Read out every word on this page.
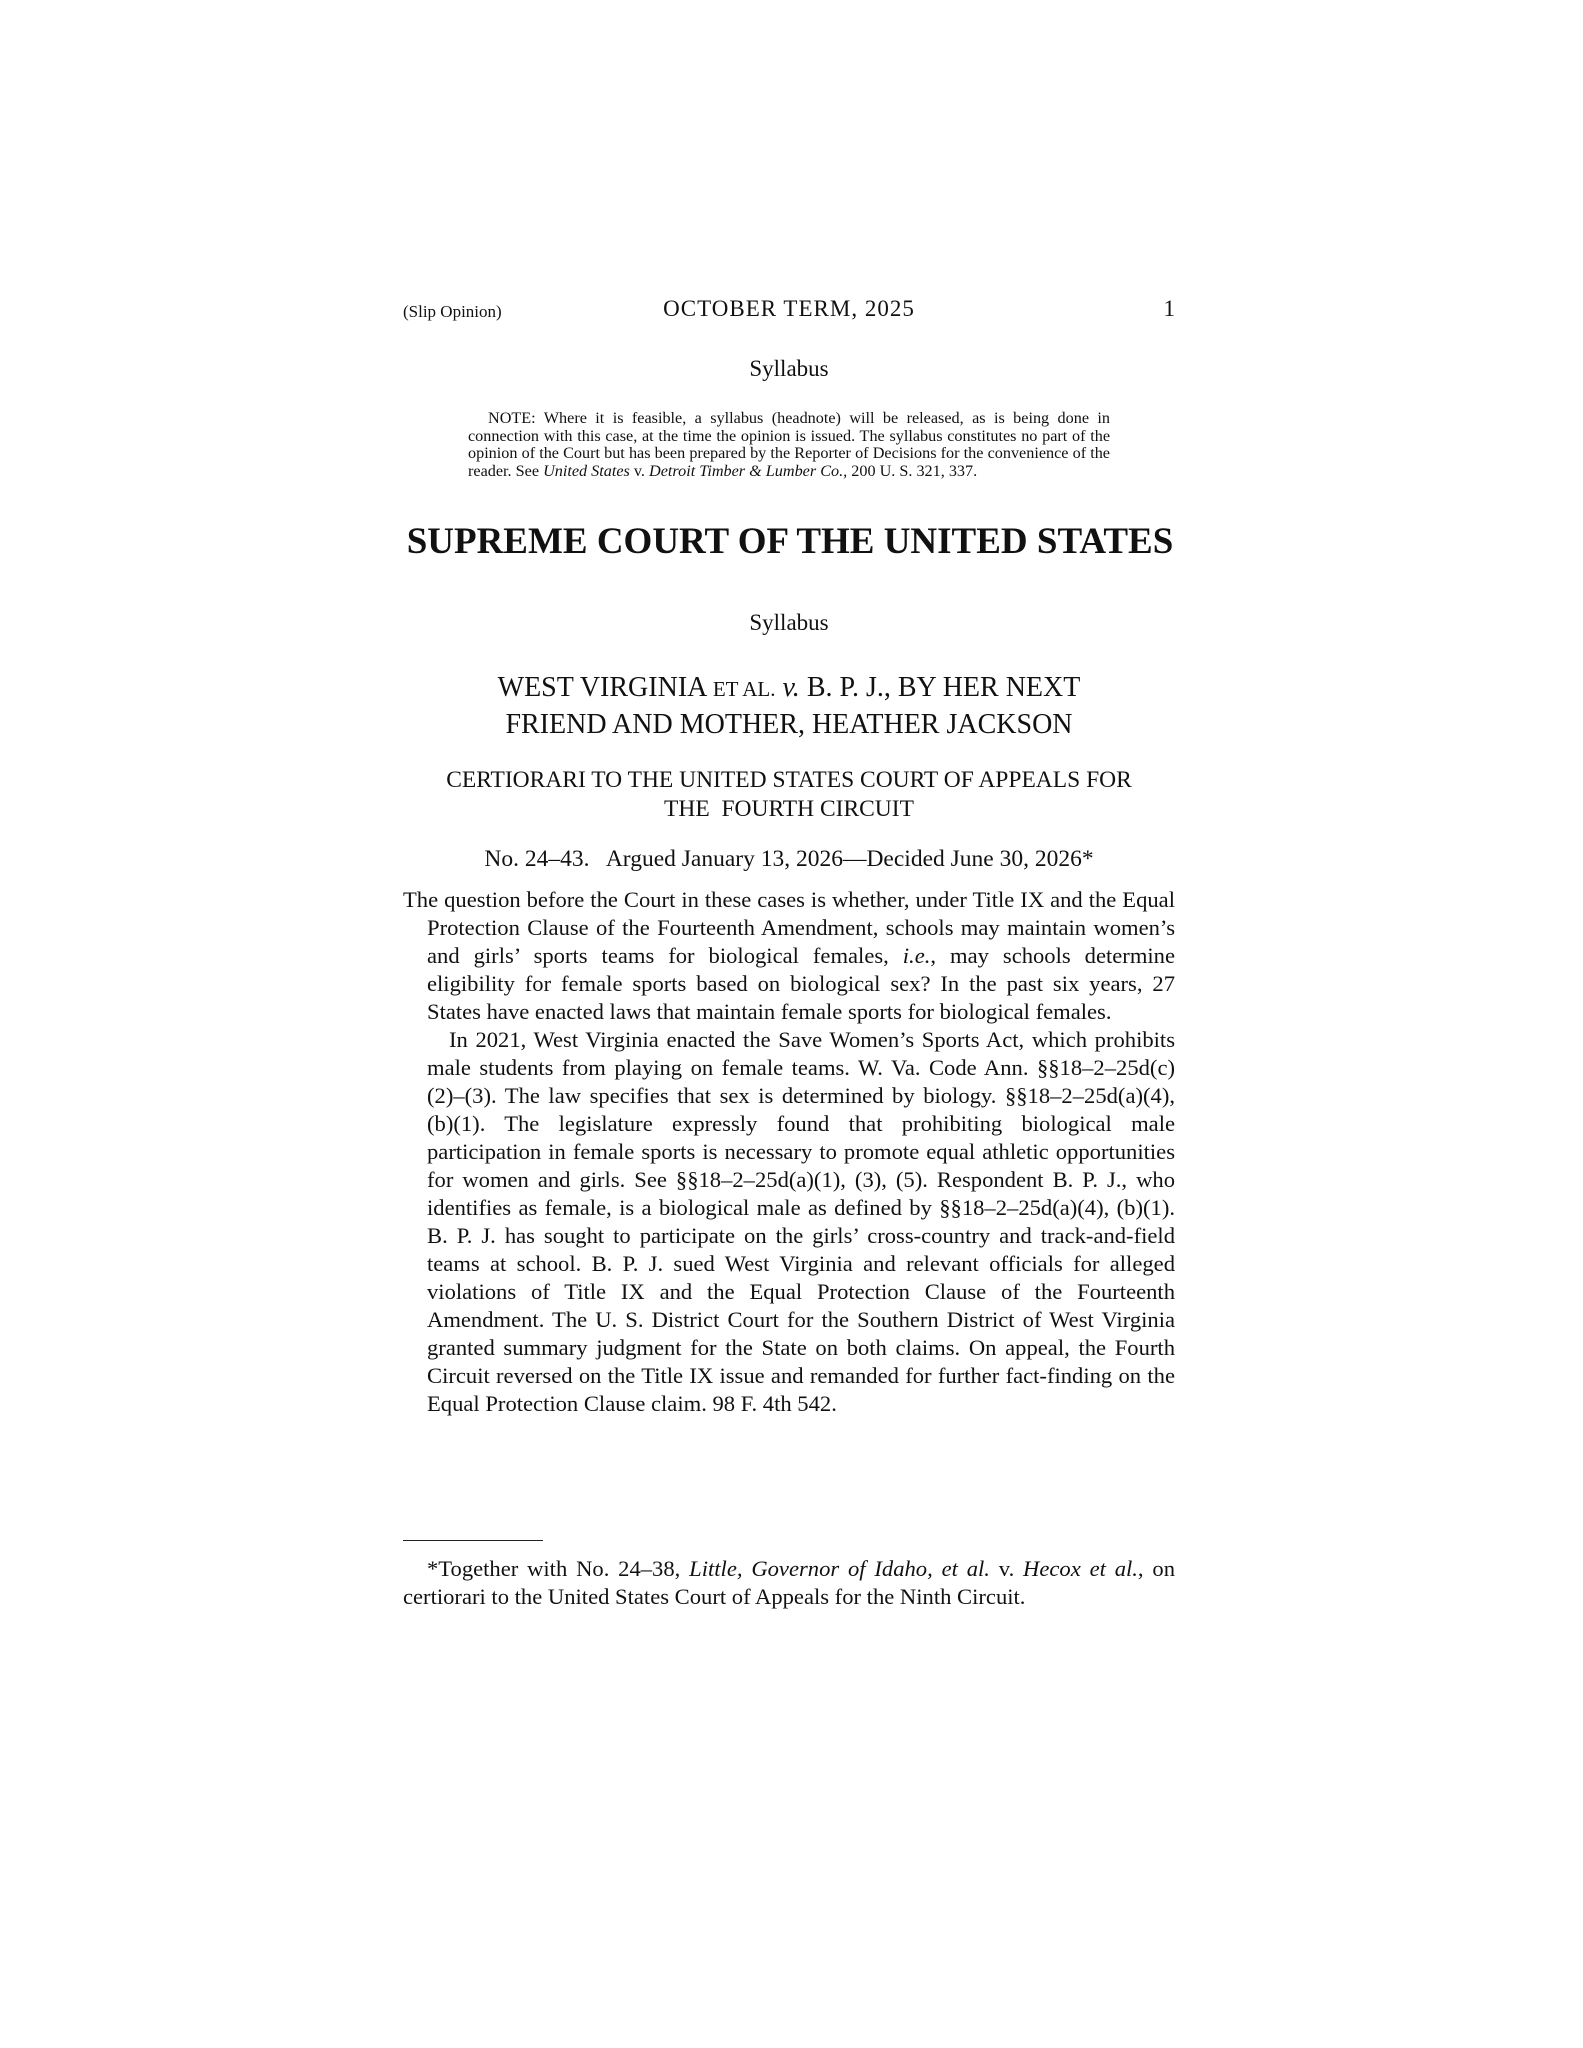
(Slip Opinion)	OCTOBER TERM, 2025	1
Syllabus
NOTE: Where it is feasible, a syllabus (headnote) will be released, as is being done in connection with this case, at the time the opinion is issued. The syllabus constitutes no part of the opinion of the Court but has been prepared by the Reporter of Decisions for the convenience of the reader. See United States v. Detroit Timber & Lumber Co., 200 U. S. 321, 337.
SUPREME COURT OF THE UNITED STATES
Syllabus
WEST VIRGINIA ET AL. v. B. P. J., BY HER NEXT
FRIEND AND MOTHER, HEATHER JACKSON
CERTIORARI TO THE UNITED STATES COURT OF APPEALS FOR
THE  FOURTH CIRCUIT
No. 24–43.   Argued January 13, 2026—Decided June 30, 2026*

The question before the Court in these cases is whether, under Title IX and the Equal Protection Clause of the Fourteenth Amendment, schools may maintain women’s and girls’ sports teams for biological females, i.e., may schools determine eligibility for female sports based on biological sex? In the past six years, 27 States have enacted laws that maintain female sports for biological females.

In 2021, West Virginia enacted the Save Women’s Sports Act, which prohibits male students from playing on female teams. W. Va. Code Ann. §§18–2–25d(c)(2)–(3). The law specifies that sex is determined by biology. §§18–2–25d(a)(4), (b)(1). The legislature expressly found that prohibiting biological male participation in female sports is necessary to promote equal athletic opportunities for women and girls. See §§18–2–25d(a)(1), (3), (5). Respondent B. P. J., who identifies as female, is a biological male as defined by §§18–2–25d(a)(4), (b)(1). B. P. J. has sought to participate on the girls’ cross-country and track-and-field teams at school. B. P. J. sued West Virginia and relevant officials for alleged violations of Title IX and the Equal Protection Clause of the Fourteenth Amendment. The U. S. District Court for the Southern District of West Virginia granted summary judgment for the State on both claims. On appeal, the Fourth Circuit reversed on the Title IX issue and remanded for further fact-finding on the Equal Protection Clause claim. 98 F. 4th 542.

*Together with No. 24–38, Little, Governor of Idaho, et al. v. Hecox et al., on certiorari to the United States Court of Appeals for the Ninth Circuit.
